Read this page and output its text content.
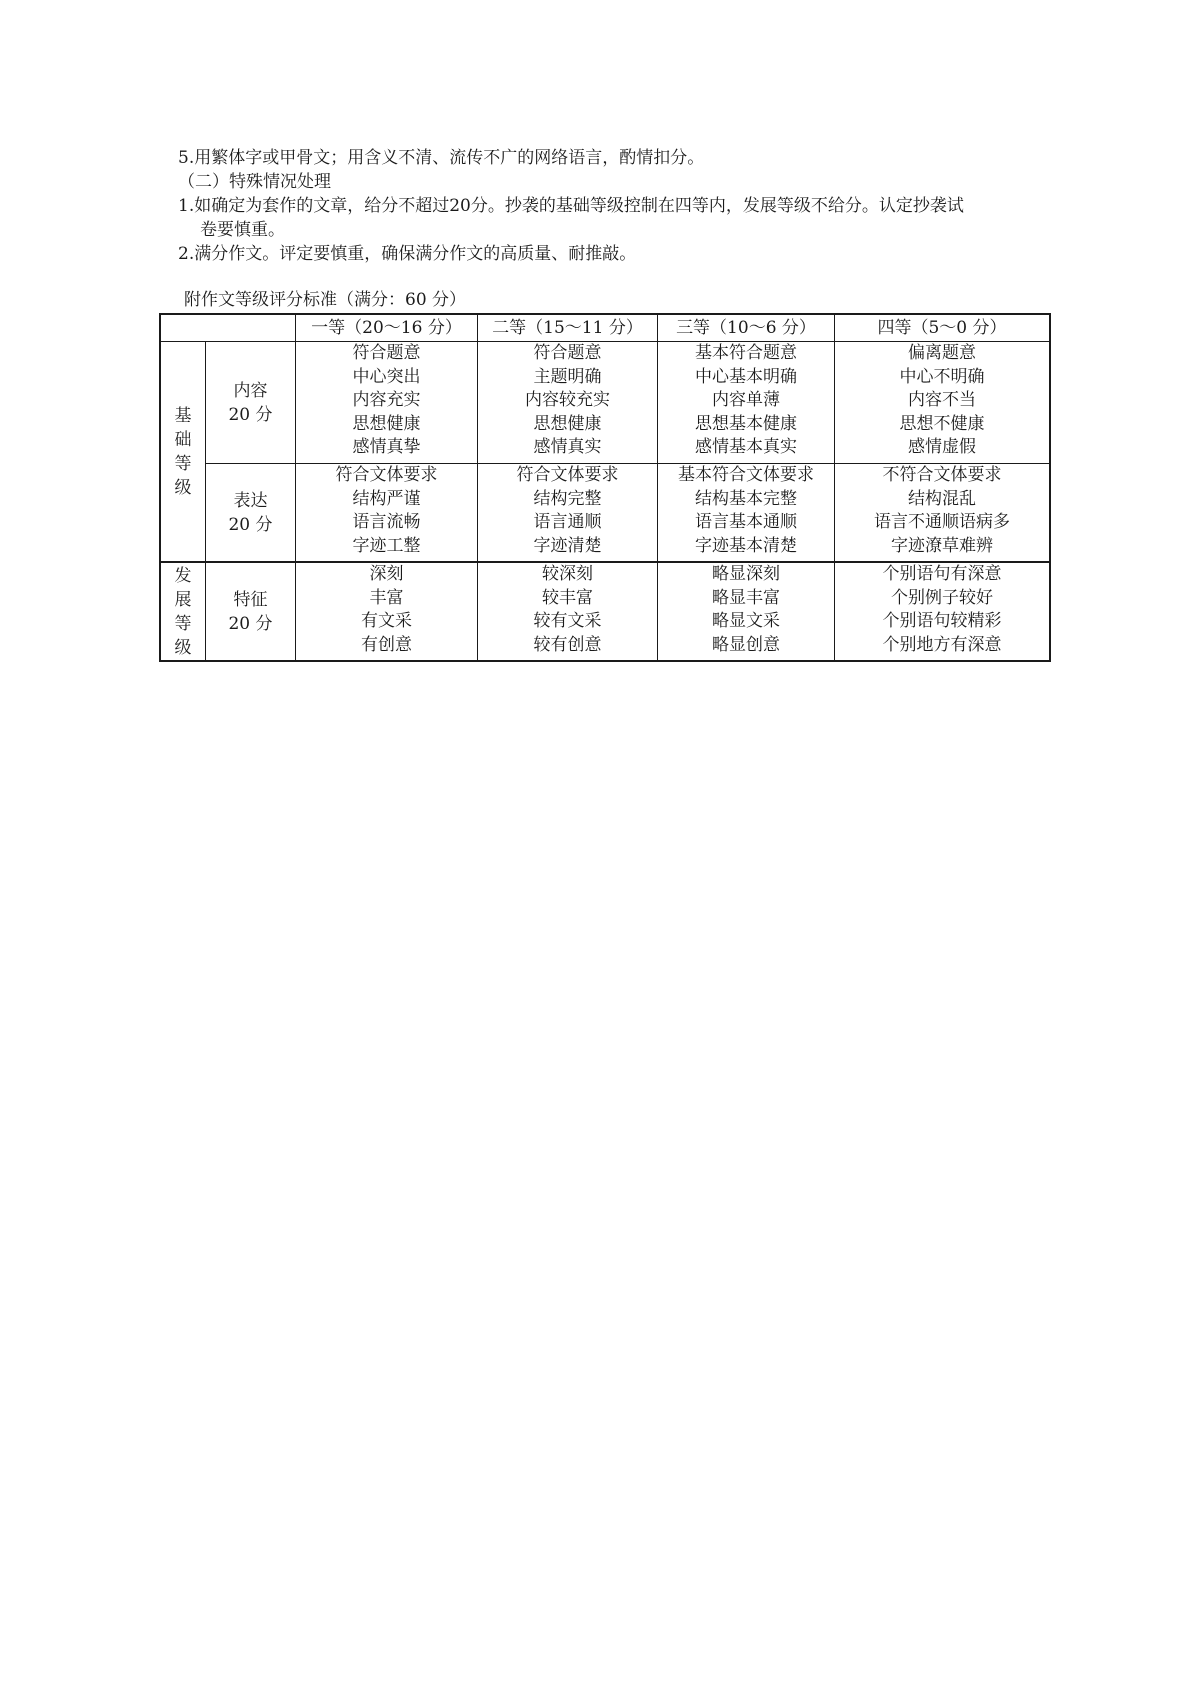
5.用繁体字或甲骨文；用含义不清、流传不广的网络语言，酌情扣分。
（二）特殊情况处理
1.如确定为套作的文章，给分不超过20分。抄袭的基础等级控制在四等内，发展等级不给分。认定抄袭试
卷要慎重。
2.满分作文。评定要慎重，确保满分作文的高质量、耐推敲。
附作文等级评分标准（满分：60 分）
		一等（20～16 分）	二等（15～11 分）	三等（10～6 分）	四等（5～0 分）

基
础
等
级	内容
20 分	符合题意
中心突出
内容充实
思想健康
感情真挚	符合题意
主题明确
内容较充实
思想健康
感情真实	基本符合题意
中心基本明确
内容单薄
思想基本健康
感情基本真实	偏离题意
中心不明确
内容不当
思想不健康
感情虚假

	表达
20 分	符合文体要求
结构严谨
语言流畅
字迹工整	符合文体要求
结构完整
语言通顺
字迹清楚	基本符合文体要求
结构基本完整
语言基本通顺
字迹基本清楚	不符合文体要求
结构混乱
语言不通顺语病多
字迹潦草难辨

发
展
等
级	特征
20 分	深刻
丰富
有文采
有创意	较深刻
较丰富
较有文采
较有创意	略显深刻
略显丰富
略显文采
略显创意	个别语句有深意
个别例子较好
个别语句较精彩
个别地方有深意
